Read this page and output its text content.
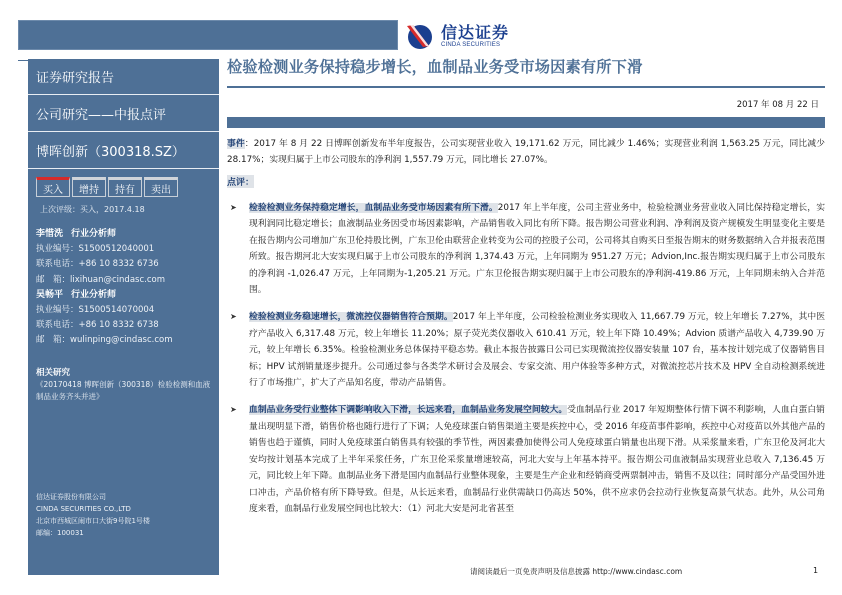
信达证券
CINDA SECURITIES
证券研究报告
公司研究——中报点评
博晖创新（300318.SZ）
买入	增持	持有	卖出
上次评级：买入，2017.4.18
李惜洗 行业分析师
执业编号：S1500512040001
联系电话：+86 10 8332 6736
邮　箱：lixihuan@cindasc.com
吴畅平 行业分析师
执业编号：S1500514070004
联系电话：+86 10 8332 6738
邮　箱：wulinping@cindasc.com
相关研究
《20170418 博晖创新（300318）检验检测和血液制品业务齐头并进》
信达证券股份有限公司
CINDA SECURITIES CO.,LTD
北京市西城区闹市口大街9号院1号楼
邮编：100031
检验检测业务保持稳步增长，血制品业务受市场因素有所下滑
2017 年 08 月 22 日
事件：2017 年 8 月 22 日博晖创新发布半年度报告，公司实现营业收入 19,171.62 万元，同比减少 1.46%；实现营业利润 1,563.25 万元，同比减少 28.17%；实现归属于上市公司股东的净利润 1,557.79 万元，同比增长 27.07%。
点评：
➤ 检验检测业务保持稳定增长，血制品业务受市场因素有所下滑。2017 年上半年度，公司主营业务中，检验检测业务营业收入同比保持稳定增长，实现利润同比稳定增长；血液制品业务因受市场因素影响，产品销售收入同比有所下降。报告期公司营业利润、净利润及资产规模发生明显变化主要是在报告期内公司增加广东卫伦持股比例，广东卫伦由联营企业转变为公司的控股子公司，公司将其自购买日至报告期末的财务数据纳入合并报表范围所致。报告期河北大安实现归属于上市公司股东的净利润 1,374.43 万元，上年同期为 951.27 万元；Advion,Inc.报告期实现归属于上市公司股东的净利润 -1,026.47 万元，上年同期为-1,205.21 万元。广东卫伦报告期实现归属于上市公司股东的净利润-419.86 万元，上年同期未纳入合并范围。
➤ 检验检测业务稳速增长，微流控仪器销售符合预期。2017 年上半年度，公司检验检测业务实现收入 11,667.79 万元，较上年增长 7.27%，其中医疗产品收入 6,317.48 万元，较上年增长 11.20%；原子荧光类仪器收入 610.41 万元，较上年下降 10.49%；Advion 质谱产品收入 4,739.90 万元，较上年增长 6.35%。检验检测业务总体保持平稳态势。截止本报告披露日公司已实现微流控仪器安装量 107 台，基本按计划完成了仪器销售目标；HPV 试剂销量逐步提升。公司通过参与各类学术研讨会及展会、专家交流、用户体验等多种方式，对微流控芯片技术及 HPV 全自动检测系统进行了市场推广，扩大了产品知名度，带动产品销售。
➤ 血制品业务受行业整体下调影响收入下滑，长远来看，血制品业务发展空间较大。受血制品行业 2017 年短期整体行情下调不利影响，人血白蛋白销量出现明显下滑，销售价格也随行进行了下调；人免疫球蛋白销售渠道主要是疾控中心，受 2016 年疫苗事件影响，疾控中心对疫苗以外其他产品的销售也趋于谨慎，同时人免疫球蛋白销售具有较强的季节性，两因素叠加使得公司人免疫球蛋白销量也出现下滑。从采浆量来看，广东卫伦及河北大安均按计划基本完成了上半年采浆任务，广东卫伦采浆量增速较高，河北大安与上年基本持平。报告期公司血液制品实现营业总收入 7,136.45 万元，同比较上年下降。血制品业务下滑是国内血制品行业整体现象，主要是生产企业和经销商受两票制冲击，销售不及以往；同时部分产品受国外进口冲击，产品价格有所下降导致。但是，从长远来看，血制品行业供需缺口仍高达 50%，供不应求仍会拉动行业恢复高景气状态。此外，从公司角度来看，血制品行业发展空间也比较大：（1）河北大安是河北省甚至
请阅读最后一页免责声明及信息披露 http://www.cindasc.com	1
